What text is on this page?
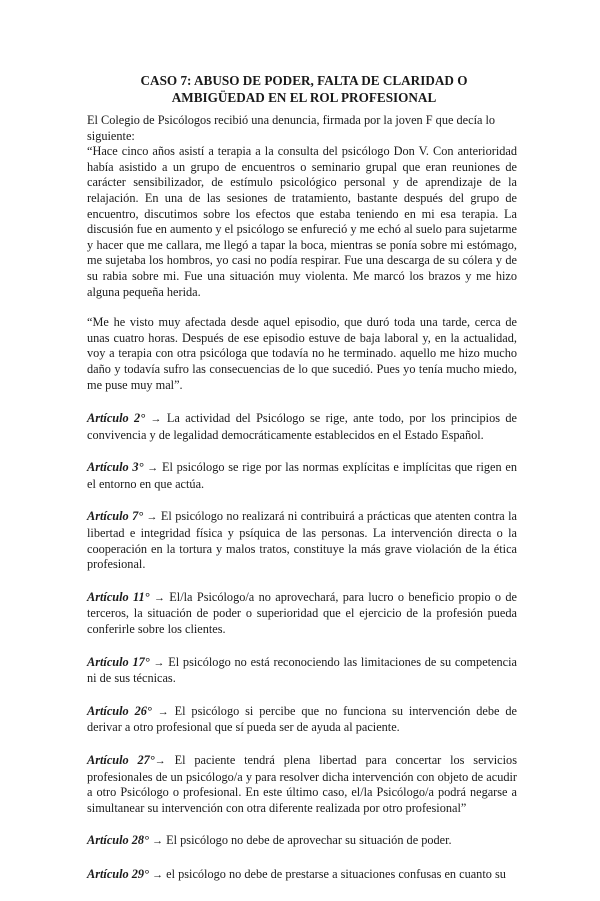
CASO 7: ABUSO DE PODER, FALTA DE CLARIDAD O AMBIGÜEDAD EN EL ROL PROFESIONAL

El Colegio de Psicólogos recibió una denuncia, firmada por la joven F que decía lo siguiente:

“Hace cinco años asistí a terapia a la consulta del psicólogo Don V. Con anterioridad había asistido a un grupo de encuentros o seminario grupal que eran reuniones de carácter sensibilizador, de estímulo psicológico personal y de aprendizaje de la relajación. En una de las sesiones de tratamiento, bastante después del grupo de encuentro, discutimos sobre los efectos que estaba teniendo en mi esa terapia. La discusión fue en aumento y el psicólogo se enfureció y me echó al suelo para sujetarme y hacer que me callara, me llegó a tapar la boca, mientras se ponía sobre mi estómago, me sujetaba los hombros, yo casi no podía respirar. Fue una descarga de su cólera y de su rabia sobre mi. Fue una situación muy violenta. Me marcó los brazos y me hizo alguna pequeña herida.

“Me he visto muy afectada desde aquel episodio, que duró toda una tarde, cerca de unas cuatro horas. Después de ese episodio estuve de baja laboral y, en la actualidad, voy a terapia con otra psicóloga que todavía no he terminado. aquello me hizo mucho daño y todavía sufro las consecuencias de lo que sucedió. Pues yo tenía mucho miedo, me puse muy mal”.

Artículo 2° → La actividad del Psicólogo se rige, ante todo, por los principios de convivencia y de legalidad democráticamente establecidos en el Estado Español.

Artículo 3° → El psicólogo se rige por las normas explícitas e implícitas que rigen en el entorno en que actúa.

Artículo 7° → El psicólogo no realizará ni contribuirá a prácticas que atenten contra la libertad e integridad física y psíquica de las personas. La intervención directa o la cooperación en la tortura y malos tratos, constituye la más grave violación de la ética profesional.

Artículo 11° → El/la Psicólogo/a no aprovechará, para lucro o beneficio propio o de terceros, la situación de poder o superioridad que el ejercicio de la profesión pueda conferirle sobre los clientes.

Artículo 17° → El psicólogo no está reconociendo las limitaciones de su competencia ni de sus técnicas.

Artículo 26° → El psicólogo si percibe que no funciona su intervención debe de derivar a otro profesional que sí pueda ser de ayuda al paciente.

Artículo 27°→ El paciente tendrá plena libertad para concertar los servicios profesionales de un psicólogo/a y para resolver dicha intervención con objeto de acudir a otro Psicólogo o profesional. En este último caso, el/la Psicólogo/a podrá negarse a simultanear su intervención con otra diferente realizada por otro profesional”

Artículo 28° → El psicólogo no debe de aprovechar su situación de poder.

Artículo 29° → el psicólogo no debe de prestarse a situaciones confusas en cuanto su
